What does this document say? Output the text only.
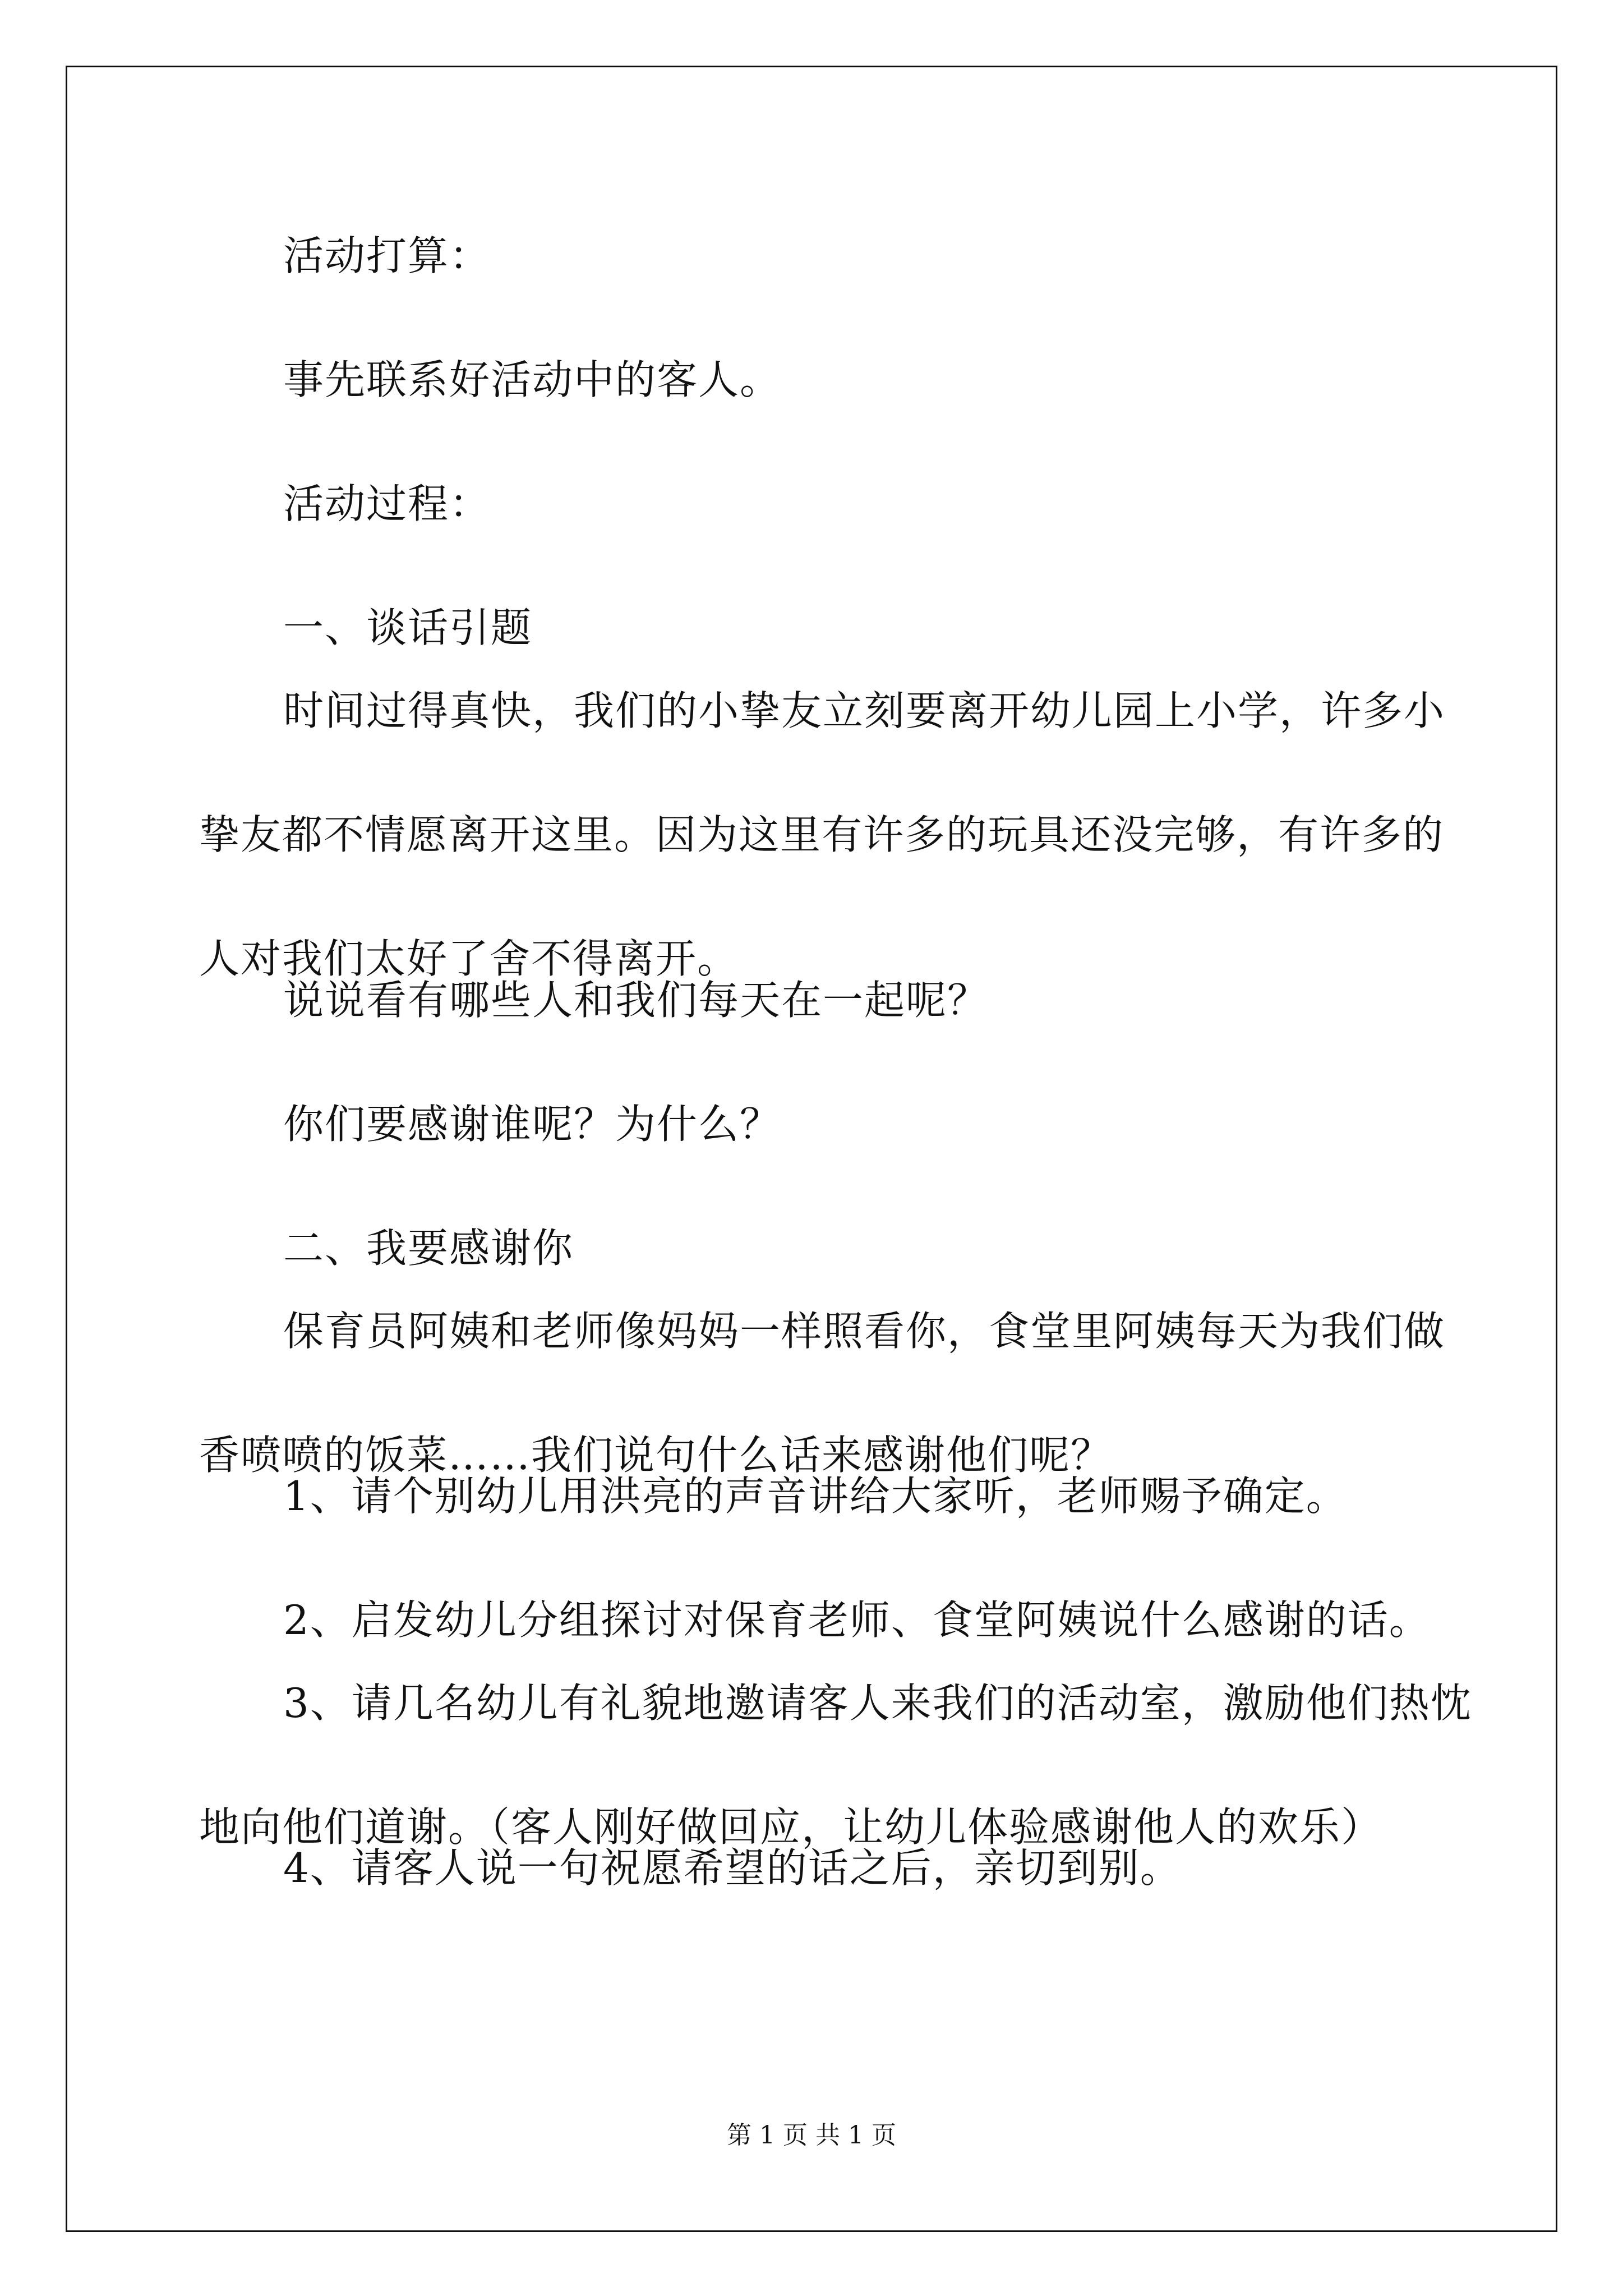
活动打算：
事先联系好活动中的客人。
活动过程：
一、谈话引题
时间过得真快，我们的小挚友立刻要离开幼儿园上小学，许多小
挚友都不情愿离开这里。因为这里有许多的玩具还没完够，有许多的
人对我们太好了舍不得离开。
说说看有哪些人和我们每天在一起呢？
你们要感谢谁呢？为什么？
二、我要感谢你
保育员阿姨和老师像妈妈一样照看你，食堂里阿姨每天为我们做
香喷喷的饭菜……我们说句什么话来感谢他们呢？
1、请个别幼儿用洪亮的声音讲给大家听，老师赐予确定。
2、启发幼儿分组探讨对保育老师、食堂阿姨说什么感谢的话。
3、请几名幼儿有礼貌地邀请客人来我们的活动室，激励他们热忱
地向他们道谢。（客人刚好做回应，让幼儿体验感谢他人的欢乐）
4、请客人说一句祝愿希望的话之后，亲切到别。
第 1 页 共 1 页
